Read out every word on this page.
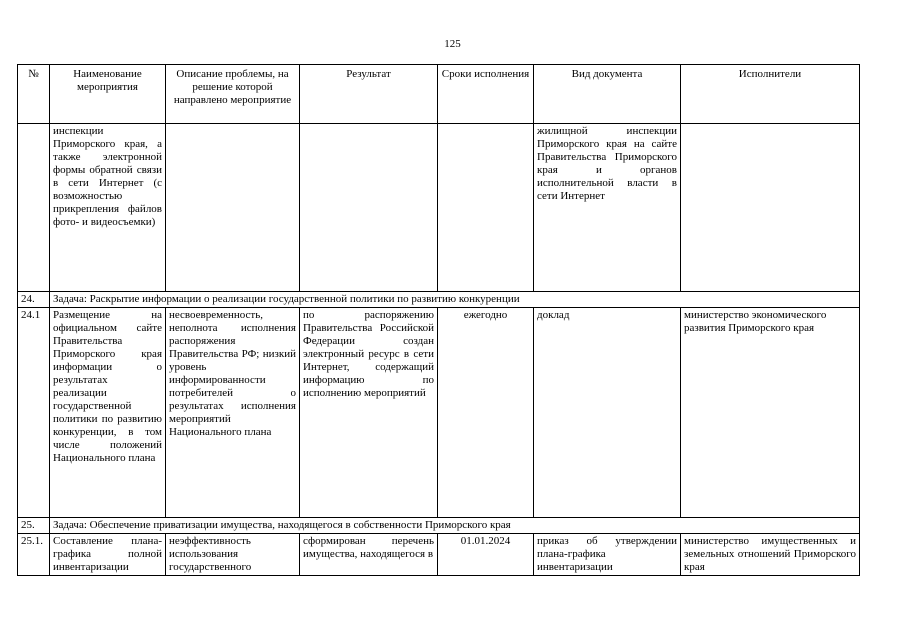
125
№	Наименование мероприятия	Описание проблемы, на решение которой направлено мероприятие	Результат	Сроки исполнения	Вид документа	Исполнители
	инспекции Приморского края, а также электронной формы обратной связи в сети Интернет (с возможностью прикрепления файлов фото- и видеосъемки)				жилищной инспекции Приморского края на сайте Правительства Приморского края и органов исполнительной власти в сети Интернет	
24.	Задача: Раскрытие информации о реализации государственной политики по развитию конкуренции					
24.1	Размещение на официальном сайте Правительства Приморского края информации о результатах реализации государственной политики по развитию конкуренции, в том числе положений Национального плана	несвоевременность, неполнота исполнения распоряжения Правительства РФ; низкий уровень информированности потребителей о результатах исполнения мероприятий Национального плана	по распоряжению Правительства Российской Федерации создан электронный ресурс в сети Интернет, содержащий информацию по исполнению мероприятий	ежегодно	доклад	министерство экономического развития Приморского края
25.	Задача: Обеспечение приватизации имущества, находящегося в собственности Приморского края					
25.1.	Составление плана-графика полной инвентаризации	неэффективность использования государственного	сформирован перечень имущества, находящегося в	01.01.2024	приказ об утверждении плана-графика инвентаризации	министерство имущественных и земельных отношений Приморского края
